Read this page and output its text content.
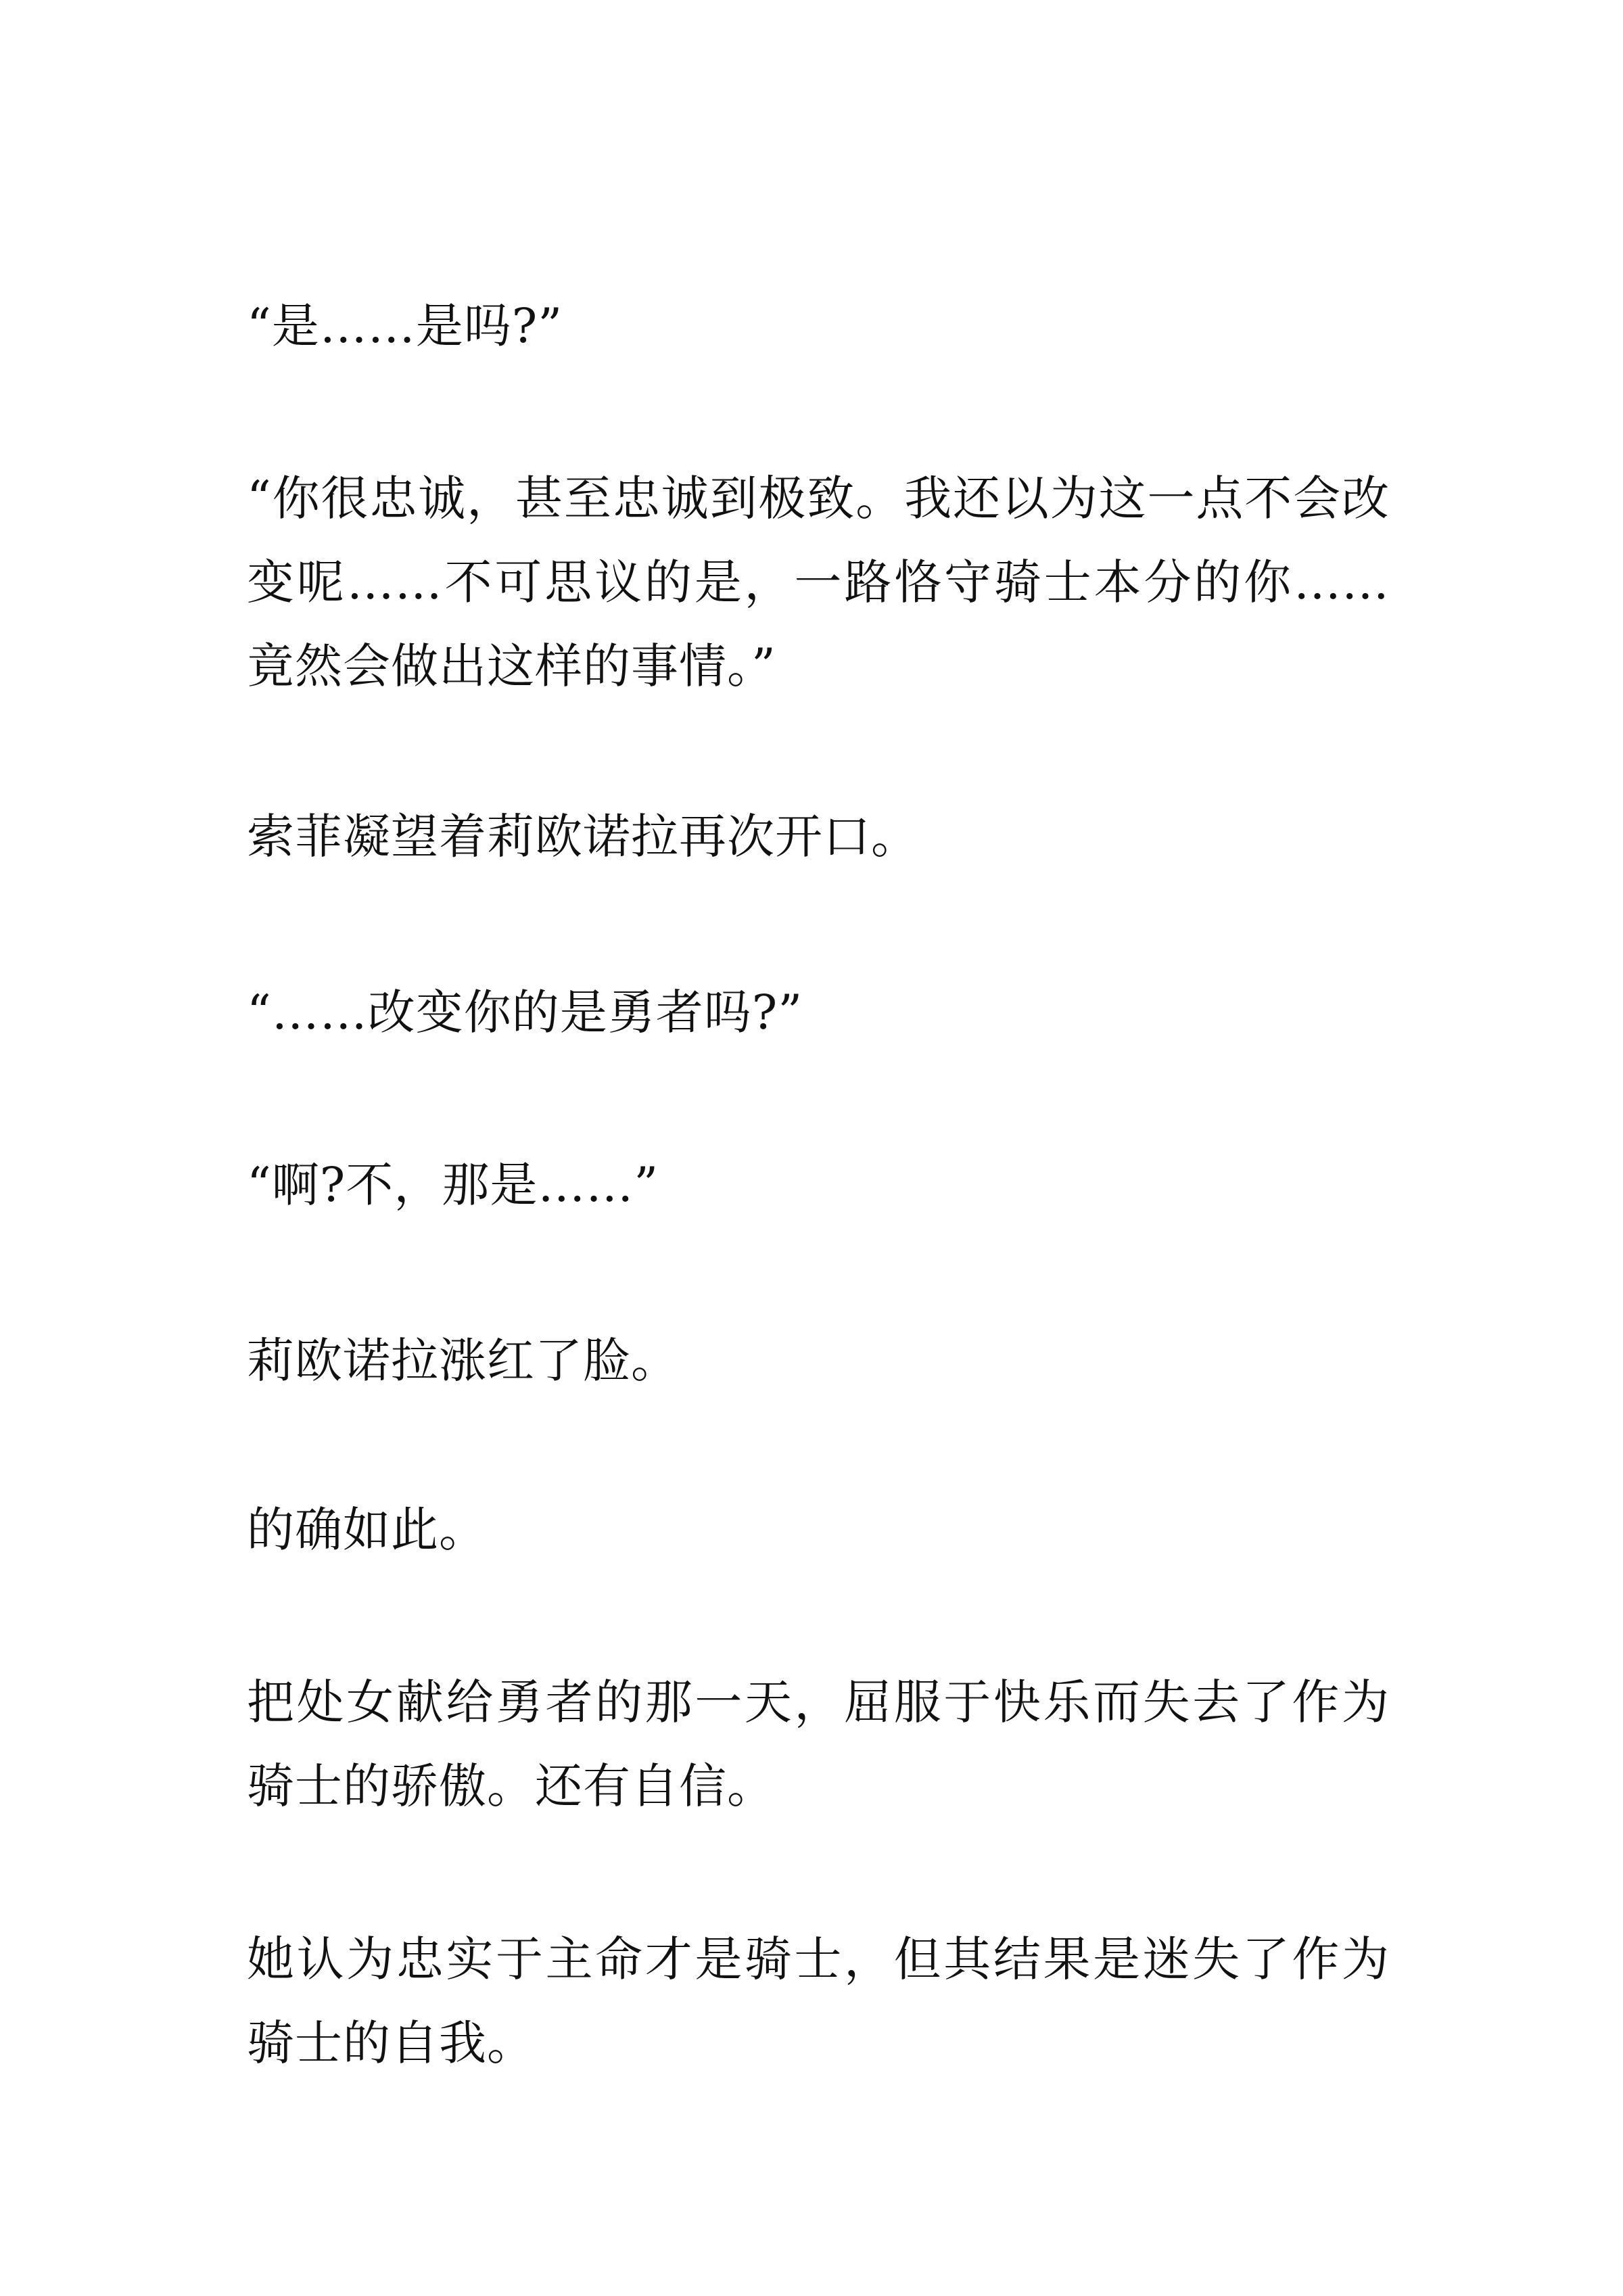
“是……是吗?”

“你很忠诚，甚至忠诚到极致。我还以为这一点不会改变呢……不可思议的是，一路恪守骑士本分的你……竟然会做出这样的事情。”

索菲凝望着莉欧诺拉再次开口。

“……改变你的是勇者吗?”

“啊?不，那是……”

莉欧诺拉涨红了脸。

的确如此。

把处女献给勇者的那一天，屈服于快乐而失去了作为骑士的骄傲。还有自信。

她认为忠实于主命才是骑士，但其结果是迷失了作为骑士的自我。
